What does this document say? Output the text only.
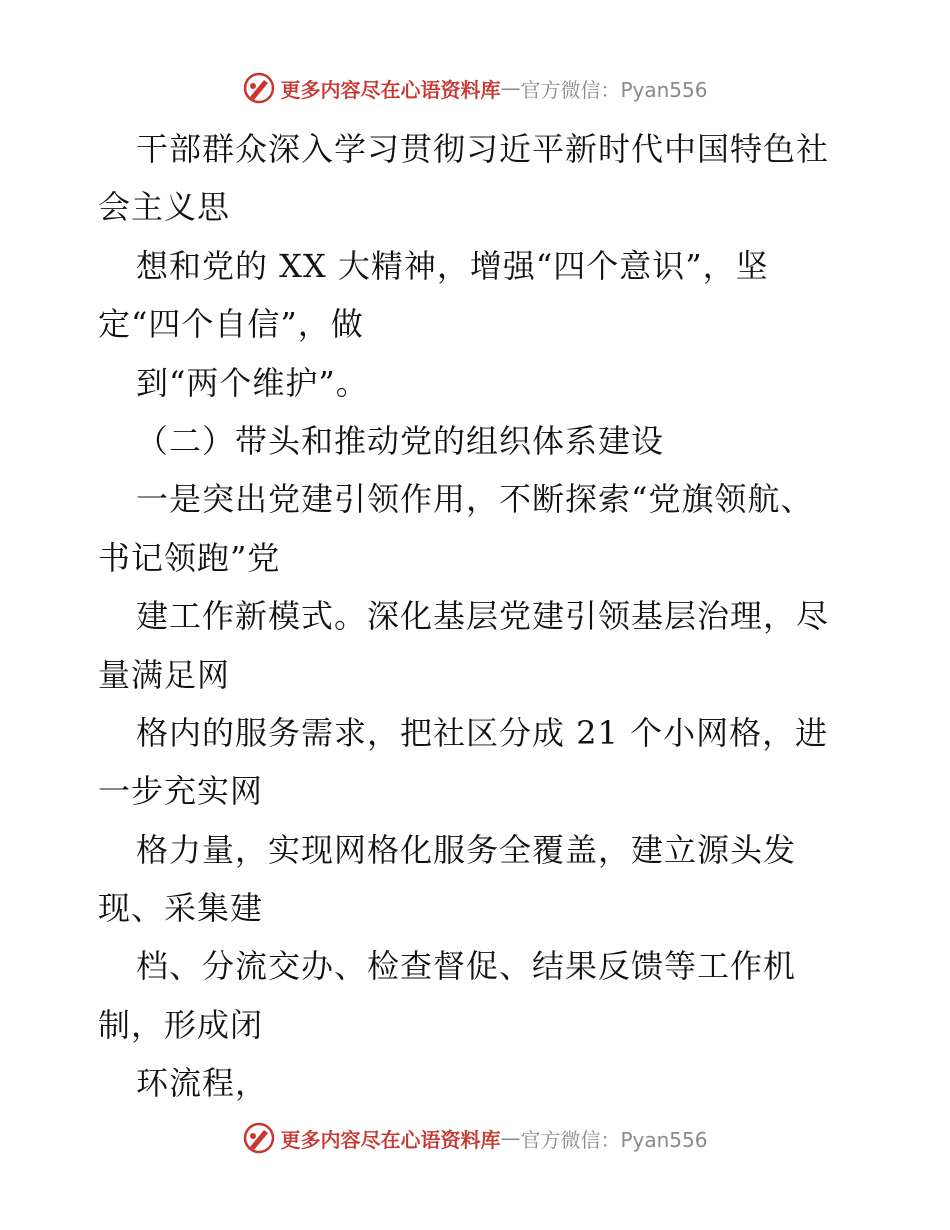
更多内容尽在心语资料库 — 官方微信：Pyan556
干部群众深入学习贯彻习近平新时代中国特色社
会主义思
想和党的 XX 大精神，增强“四个意识”，坚
定“四个自信”，做
到“两个维护”。
（二）带头和推动党的组织体系建设
一是突出党建引领作用，不断探索“党旗领航、
书记领跑”党
建工作新模式。深化基层党建引领基层治理，尽
量满足网
格内的服务需求，把社区分成 21 个小网格，进
一步充实网
格力量，实现网格化服务全覆盖，建立源头发
现、采集建
档、分流交办、检查督促、结果反馈等工作机
制，形成闭
环流程，
更多内容尽在心语资料库 — 官方微信：Pyan556
